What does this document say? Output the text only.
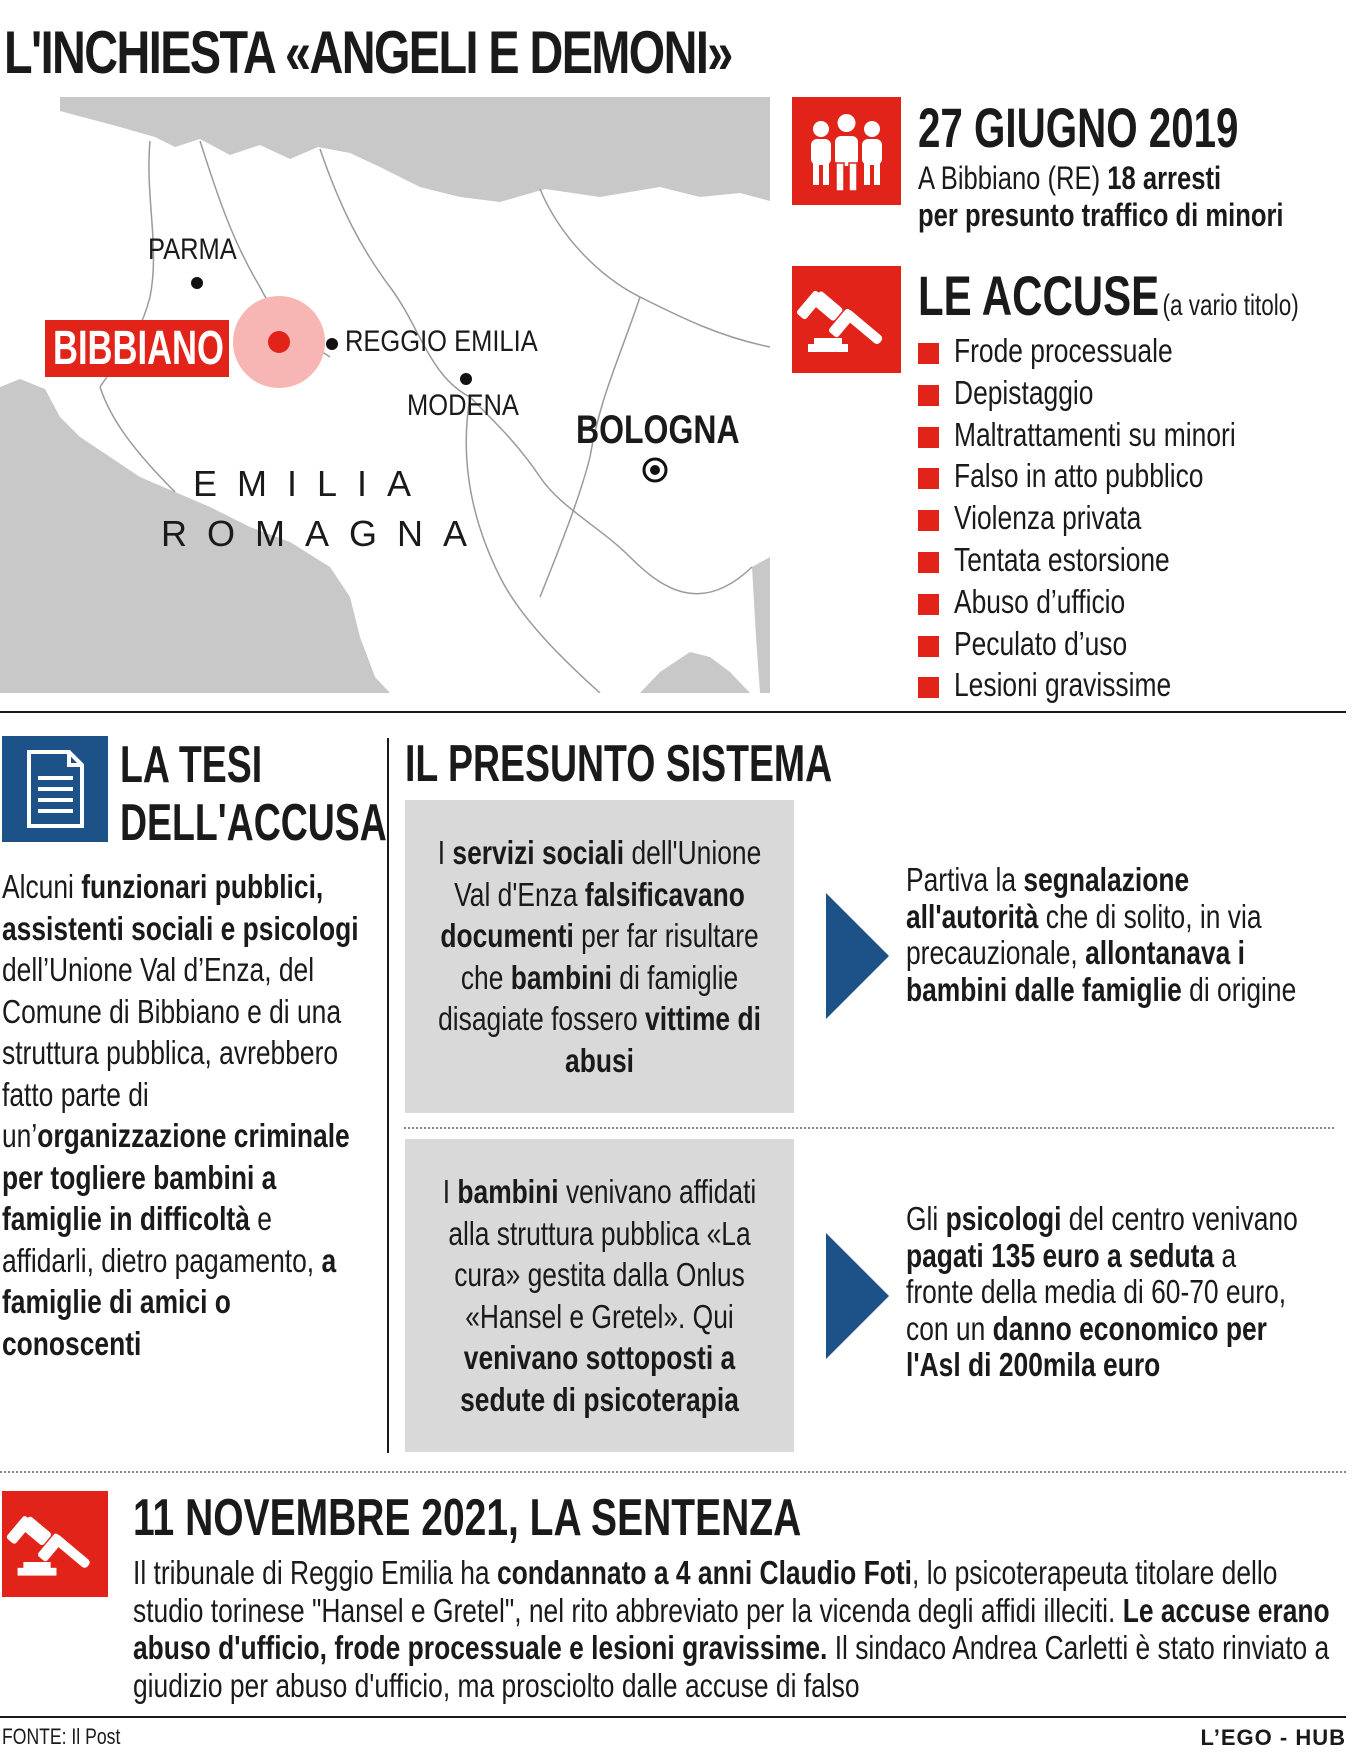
L'INCHIESTA «ANGELI E DEMONI»
PARMA
REGGIO EMILIA
MODENA
BOLOGNA
EMILIA
ROMAGNA
BIBBIANO
27 GIUGNO 2019
A Bibbiano (RE) 18 arresti
per presunto traffico di minori
LE ACCUSE (a vario titolo)
Frode processuale
Depistaggio
Maltrattamenti su minori
Falso in atto pubblico
Violenza privata
Tentata estorsione
Abuso d’ufficio
Peculato d’uso
Lesioni gravissime
LA TESI
DELL'ACCUSA
Alcuni funzionari pubblici, assistenti sociali e psicologi dell’Unione Val d’Enza, del Comune di Bibbiano e di una struttura pubblica, avrebbero fatto parte di un’organizzazione criminale per togliere bambini a famiglie in difficoltà e affidarli, dietro pagamento, a famiglie di amici o conoscenti
IL PRESUNTO SISTEMA
I servizi sociali dell'Unione Val d'Enza falsificavano documenti per far risultare che bambini di famiglie disagiate fossero vittime di abusi
Partiva la segnalazione all'autorità che di solito, in via precauzionale, allontanava i bambini dalle famiglie di origine
I bambini venivano affidati alla struttura pubblica «La cura» gestita dalla Onlus «Hansel e Gretel». Qui venivano sottoposti a sedute di psicoterapia
Gli psicologi del centro venivano pagati 135 euro a seduta a fronte della media di 60-70 euro, con un danno economico per l'Asl di 200mila euro
11 NOVEMBRE 2021, LA SENTENZA
Il tribunale di Reggio Emilia ha condannato a 4 anni Claudio Foti, lo psicoterapeuta titolare dello studio torinese "Hansel e Gretel", nel rito abbreviato per la vicenda degli affidi illeciti. Le accuse erano abuso d'ufficio, frode processuale e lesioni gravissime. Il sindaco Andrea Carletti è stato rinviato a giudizio per abuso d'ufficio, ma prosciolto dalle accuse di falso
FONTE: Il Post	L’EGO - HUB
